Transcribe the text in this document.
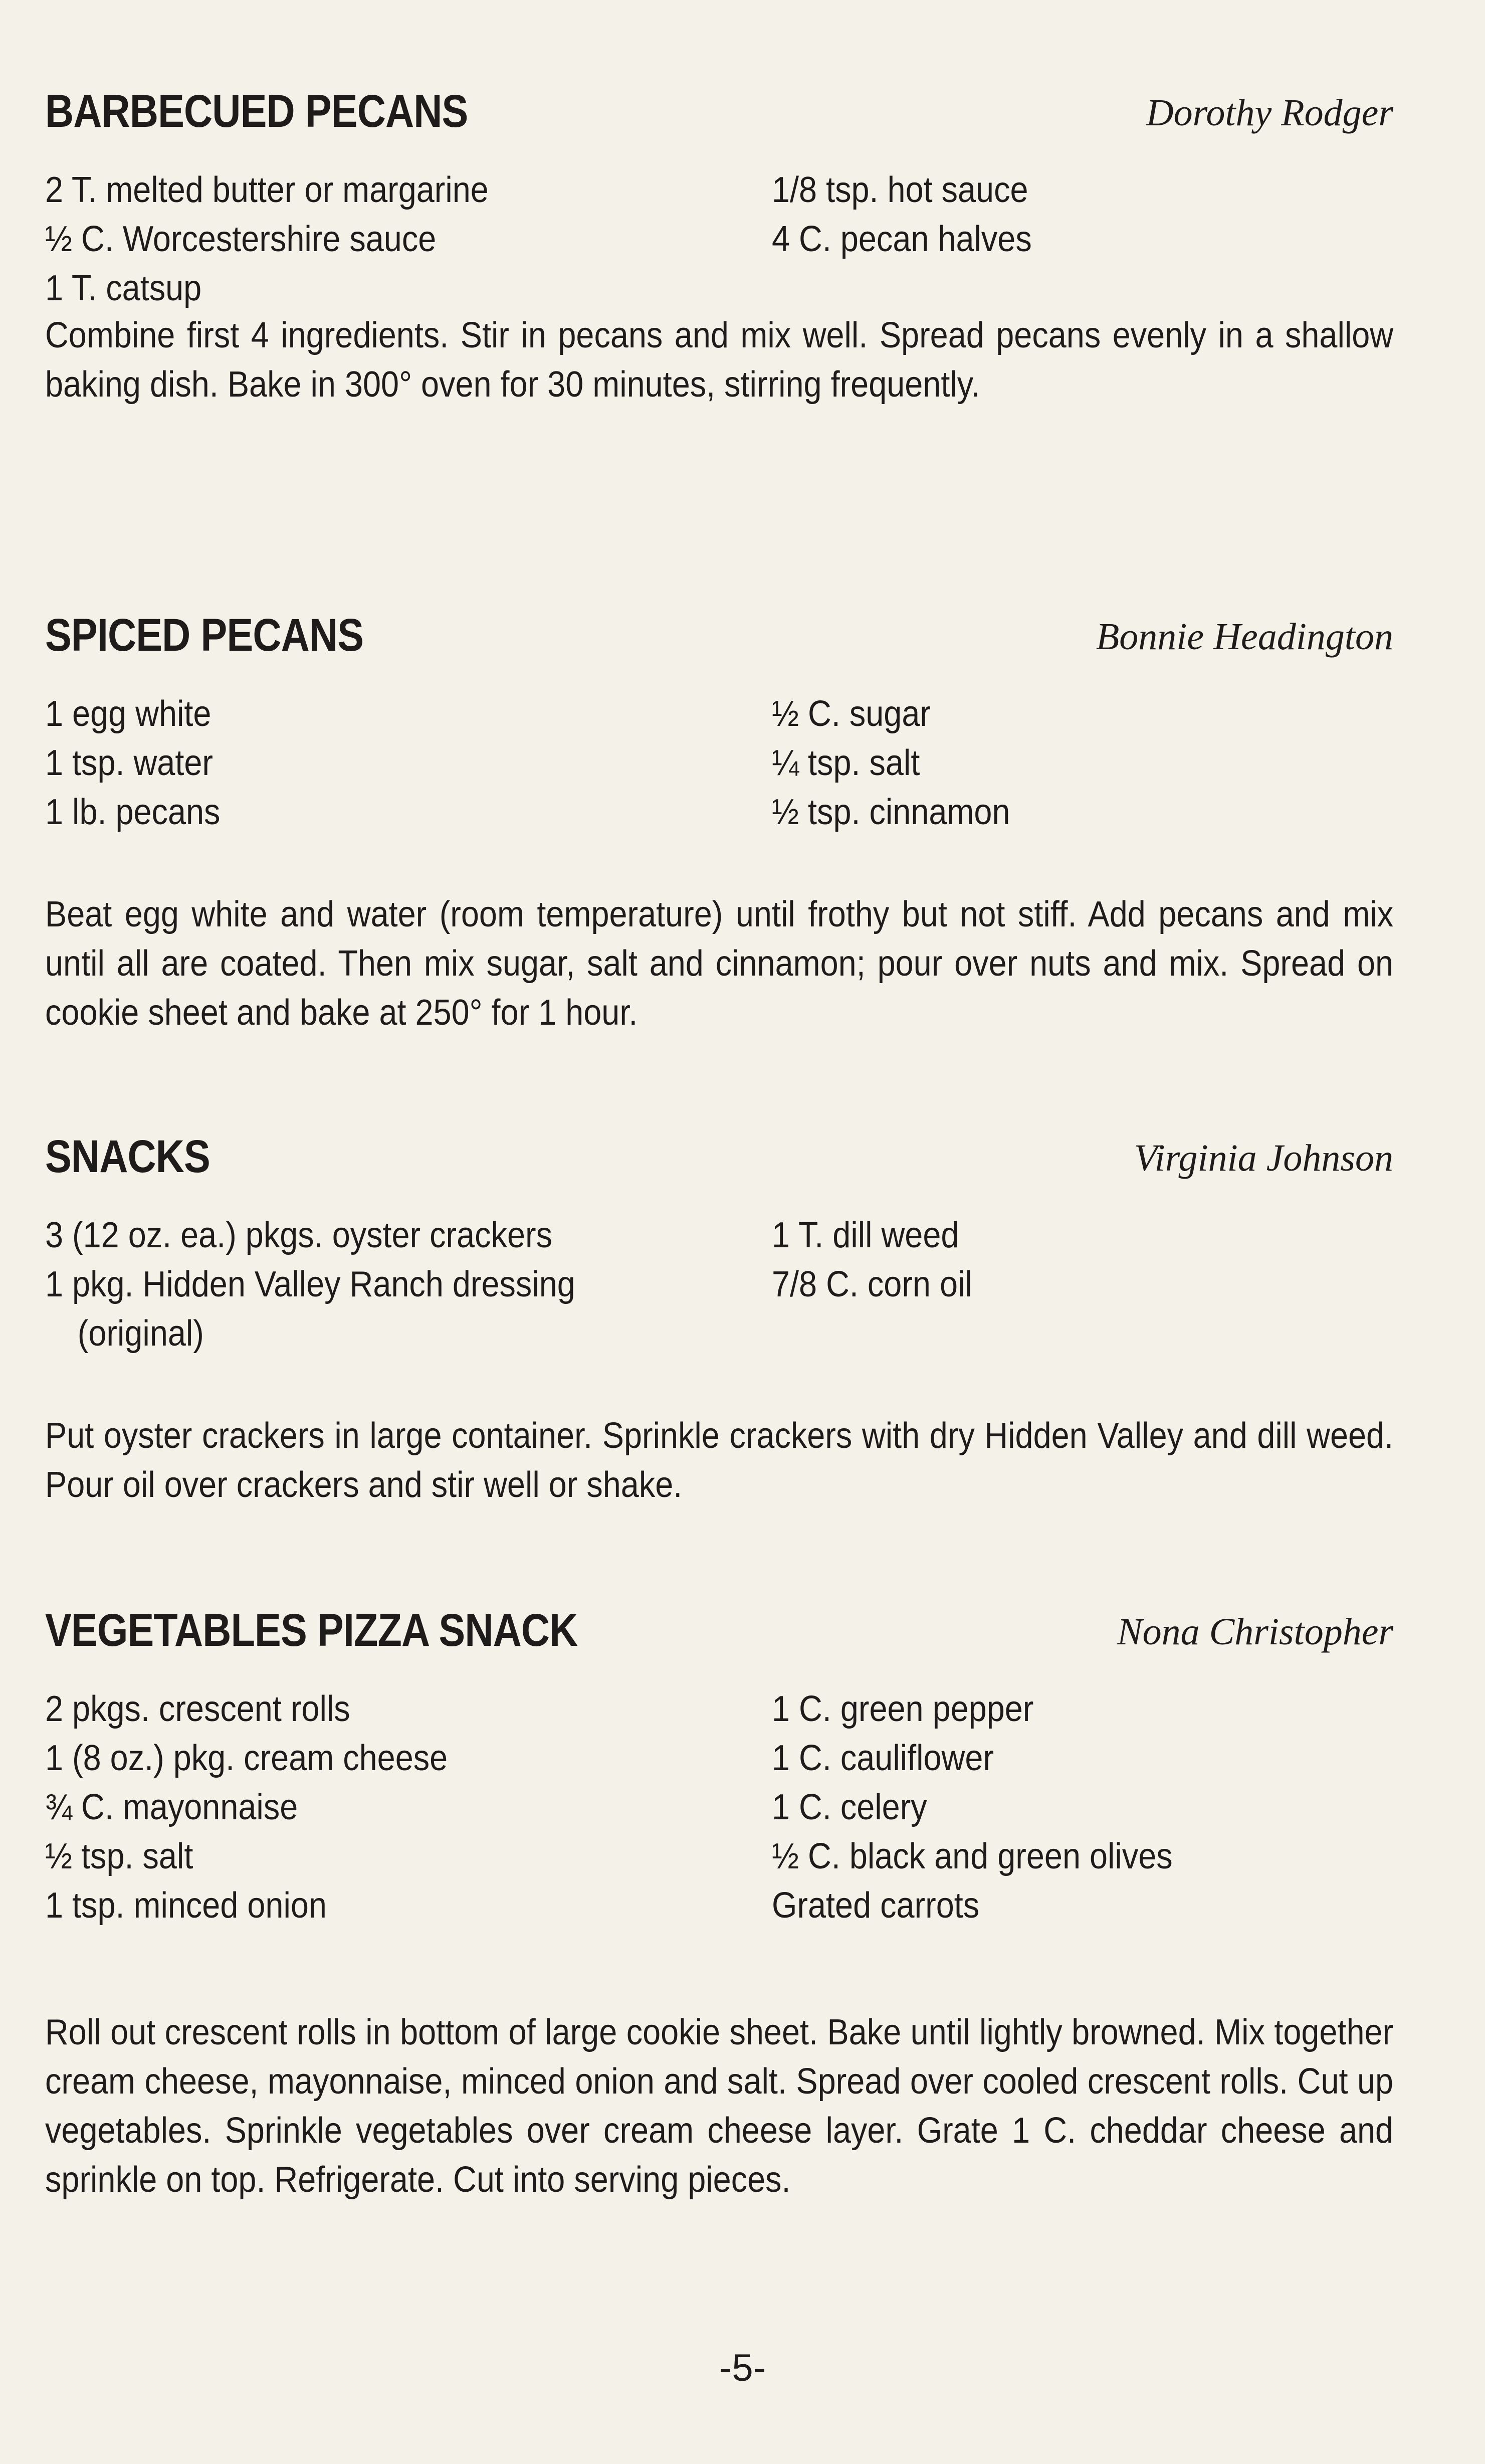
BARBECUED PECANS	Dorothy Rodger
2 T. melted butter or margarine
½ C. Worcestershire sauce
1 T. catsup
1/8 tsp. hot sauce
4 C. pecan halves
Combine first 4 ingredients. Stir in pecans and mix well. Spread pecans evenly in a shallow baking dish. Bake in 300° oven for 30 minutes, stirring frequently.
SPICED PECANS	Bonnie Headington
1 egg white
1 tsp. water
1 lb. pecans
½ C. sugar
¼ tsp. salt
½ tsp. cinnamon
Beat egg white and water (room temperature) until frothy but not stiff. Add pecans and mix until all are coated. Then mix sugar, salt and cinnamon; pour over nuts and mix. Spread on cookie sheet and bake at 250° for 1 hour.
SNACKS	Virginia Johnson
3 (12 oz. ea.) pkgs. oyster crackers
1 pkg. Hidden Valley Ranch dressing
(original)
1 T. dill weed
7/8 C. corn oil
Put oyster crackers in large container. Sprinkle crackers with dry Hidden Valley and dill weed. Pour oil over crackers and stir well or shake.
VEGETABLES PIZZA SNACK	Nona Christopher
2 pkgs. crescent rolls
1 (8 oz.) pkg. cream cheese
¾ C. mayonnaise
½ tsp. salt
1 tsp. minced onion
1 C. green pepper
1 C. cauliflower
1 C. celery
½ C. black and green olives
Grated carrots
Roll out crescent rolls in bottom of large cookie sheet. Bake until lightly browned. Mix together cream cheese, mayonnaise, minced onion and salt. Spread over cooled crescent rolls. Cut up vegetables. Sprinkle vegetables over cream cheese layer. Grate 1 C. cheddar cheese and sprinkle on top. Refrigerate. Cut into serving pieces.
-5-
